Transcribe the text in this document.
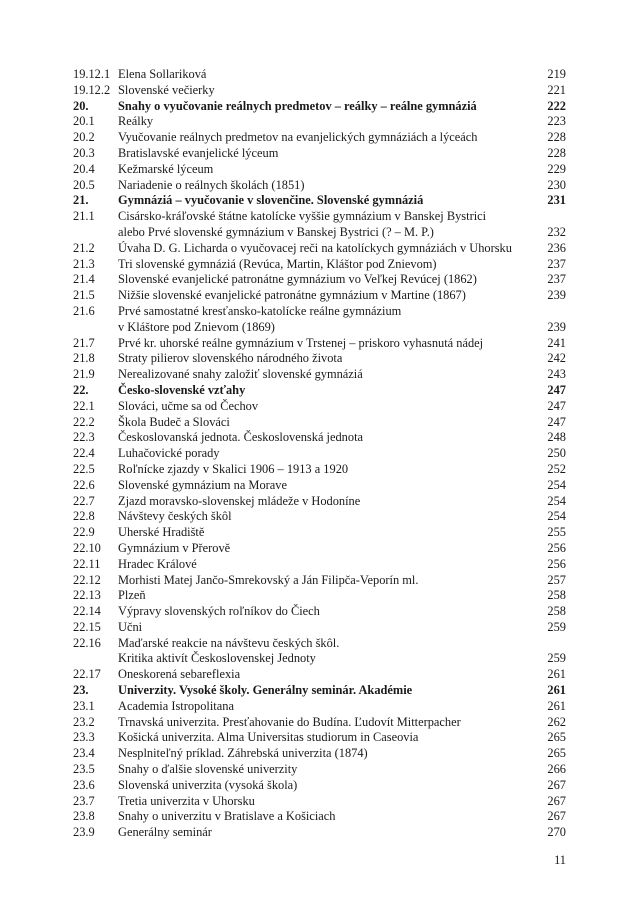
19.12.1 Elena Sollariková	219
19.12.2 Slovenské večierky	221
20.	Snahy o vyučovanie reálnych predmetov – reálky – reálne gymnáziá	222
20.1	Reálky	223
20.2	Vyučovanie reálnych predmetov na evanjelických gymnáziách a lýceách	228
20.3	Bratislavské evanjelické lýceum	228
20.4	Kežmarské lýceum	229
20.5	Nariadenie o reálnych školách (1851)	230
21.	Gymnáziá – vyučovanie v slovenčine. Slovenské gymnáziá	231
21.1	Cisársko-kráľovské štátne katolícke vyššie gymnázium v Banskej Bystrici
alebo Prvé slovenské gymnázium v Banskej Bystrici (? – M. P.)	232
21.2	Úvaha D. G. Licharda o vyučovacej reči na katolíckych gymnáziách v Uhorsku	236
21.3	Tri slovenské gymnáziá (Revúca, Martin, Kláštor pod Znievom)	237
21.4	Slovenské evanjelické patronátne gymnázium vo Veľkej Revúcej (1862)	237
21.5	Nižšie slovenské evanjelické patronátne gymnázium v Martine (1867)	239
21.6	Prvé samostatné kresťansko-katolícke reálne gymnázium
v Kláštore pod Znievom (1869)	239
21.7	Prvé kr. uhorské reálne gymnázium v Trstenej – priskoro vyhasnutá nádej	241
21.8	Straty pilierov slovenského národného života	242
21.9	Nerealizované snahy založiť slovenské gymnáziá	243
22.	Česko-slovenské vzťahy	247
22.1	Slováci, učme sa od Čechov	247
22.2	Škola Budeč a Slováci	247
22.3	Českoslovanská jednota. Československá jednota	248
22.4	Luhačovické porady	250
22.5	Roľnícke zjazdy v Skalici 1906 – 1913 a 1920	252
22.6	Slovenské gymnázium na Morave	254
22.7	Zjazd moravsko-slovenskej mládeže v Hodoníne	254
22.8	Návštevy českých škôl	254
22.9	Uherské Hradiště	255
22.10	Gymnázium v Přerově	256
22.11	Hradec Králové	256
22.12	Morhisti Matej Jančo-Smrekovský a Ján Filipča-Veporín ml.	257
22.13	Plzeň	258
22.14	Výpravy slovenských roľníkov do Čiech	258
22.15	Učni	259
22.16	Maďarské reakcie na návštevu českých škôl.
Kritika aktivít Československej Jednoty	259
22.17	Oneskorená sebareflexia	261
23.	Univerzity. Vysoké školy. Generálny seminár. Akadémie	261
23.1	Academia Istropolitana	261
23.2	Trnavská univerzita. Presťahovanie do Budína. Ľudovít Mitterpacher	262
23.3	Košická univerzita. Alma Universitas studiorum in Caseovia	265
23.4	Nesplniteľný príklad. Záhrebská univerzita (1874)	265
23.5	Snahy o ďalšie slovenské univerzity	266
23.6	Slovenská univerzita (vysoká škola)	267
23.7	Tretia univerzita v Uhorsku	267
23.8	Snahy o univerzitu v Bratislave a Košiciach	267
23.9	Generálny seminár	270
11
